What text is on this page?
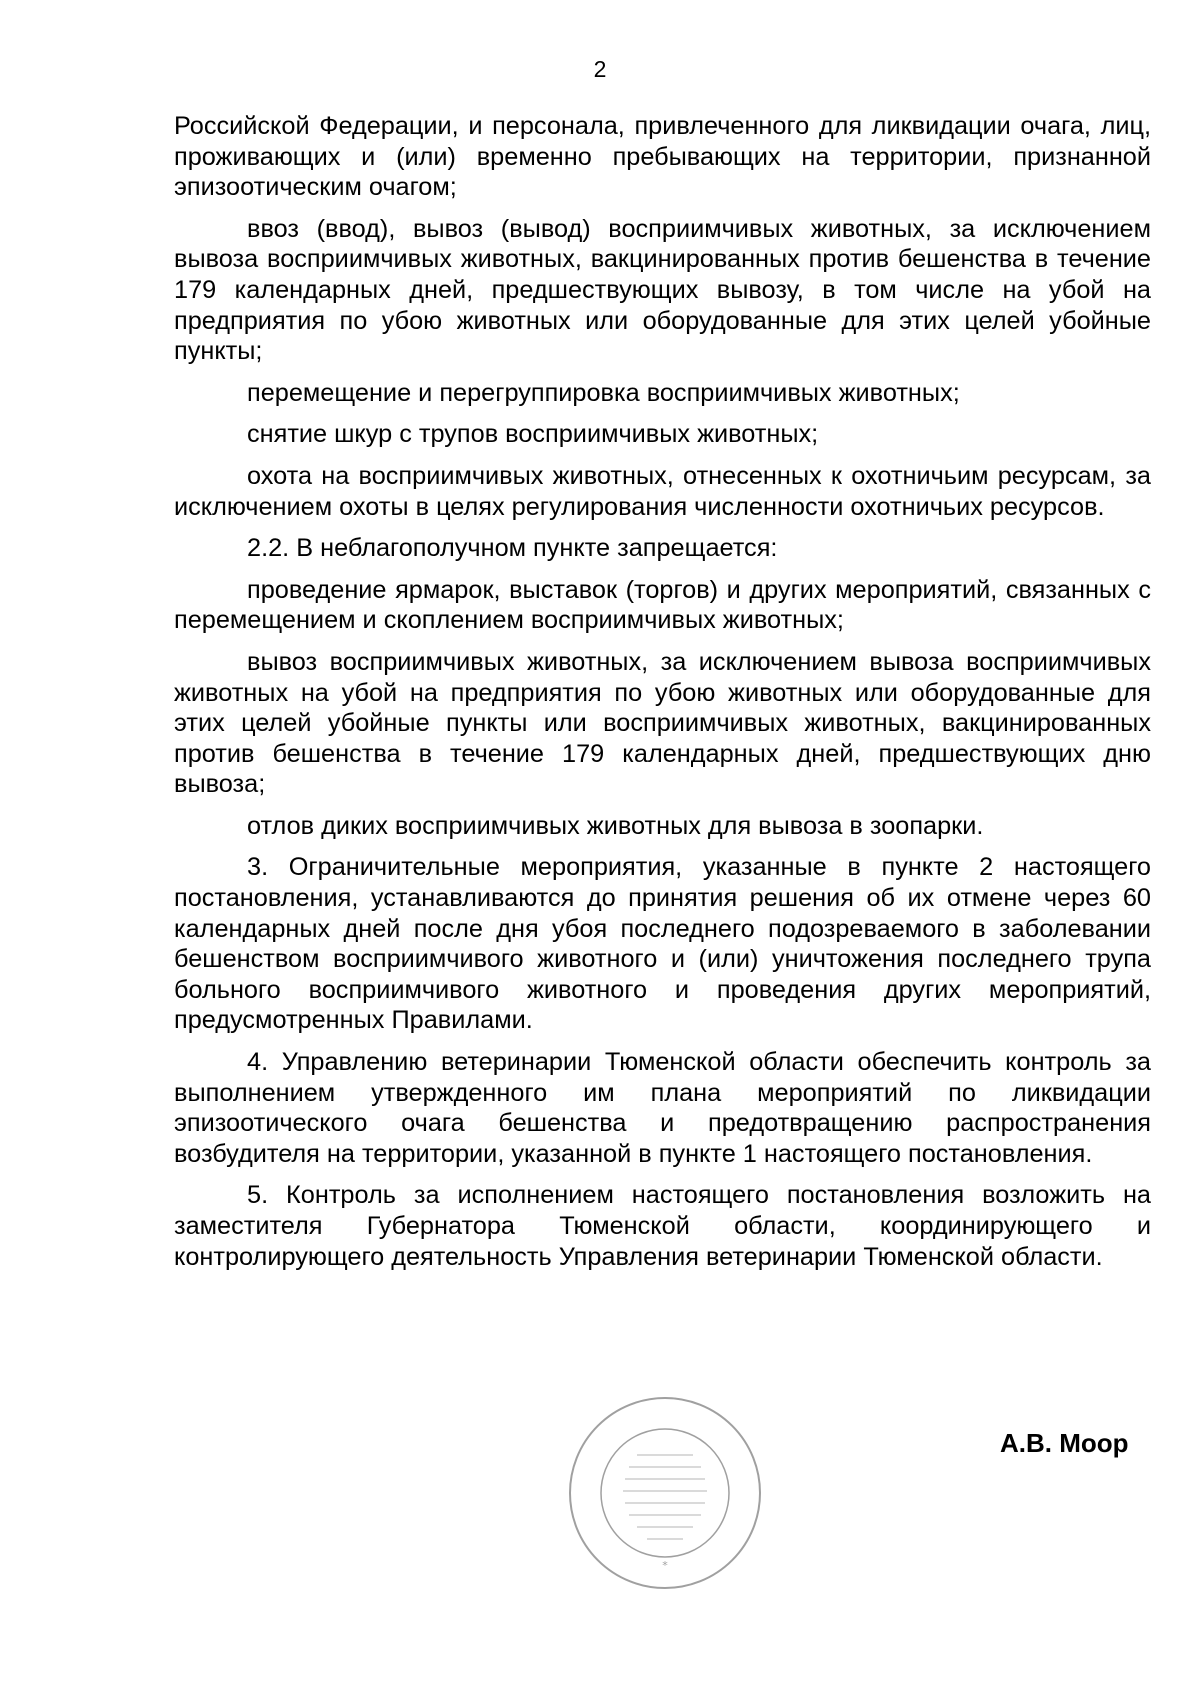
2

Российской Федерации, и персонала, привлеченного для ликвидации очага, лиц, проживающих и (или) временно пребывающих на территории, признанной эпизоотическим очагом;

ввоз (ввод), вывоз (вывод) восприимчивых животных, за исключением вывоза восприимчивых животных, вакцинированных против бешенства в течение 179 календарных дней, предшествующих вывозу, в том числе на убой на предприятия по убою животных или оборудованные для этих целей убойные пункты;

перемещение и перегруппировка восприимчивых животных;

снятие шкур с трупов восприимчивых животных;

охота на восприимчивых животных, отнесенных к охотничьим ресурсам, за исключением охоты в целях регулирования численности охотничьих ресурсов.

2.2. В неблагополучном пункте запрещается:

проведение ярмарок, выставок (торгов) и других мероприятий, связанных с перемещением и скоплением восприимчивых животных;

вывоз восприимчивых животных, за исключением вывоза восприимчивых животных на убой на предприятия по убою животных или оборудованные для этих целей убойные пункты или восприимчивых животных, вакцинированных против бешенства в течение 179 календарных дней, предшествующих дню вывоза;

отлов диких восприимчивых животных для вывоза в зоопарки.

3. Ограничительные мероприятия, указанные в пункте 2 настоящего постановления, устанавливаются до принятия решения об их отмене через 60 календарных дней после дня убоя последнего подозреваемого в заболевании бешенством восприимчивого животного и (или) уничтожения последнего трупа больного восприимчивого животного и проведения других мероприятий, предусмотренных Правилами.

4. Управлению ветеринарии Тюменской области обеспечить контроль за выполнением утвержденного им плана мероприятий по ликвидации эпизоотического очага бешенства и предотвращению распространения возбудителя на территории, указанной в пункте 1 настоящего постановления.

5. Контроль за исполнением настоящего постановления возложить на заместителя Губернатора Тюменской области, координирующего и контролирующего деятельность Управления ветеринарии Тюменской области.

*
А.В. Моор
